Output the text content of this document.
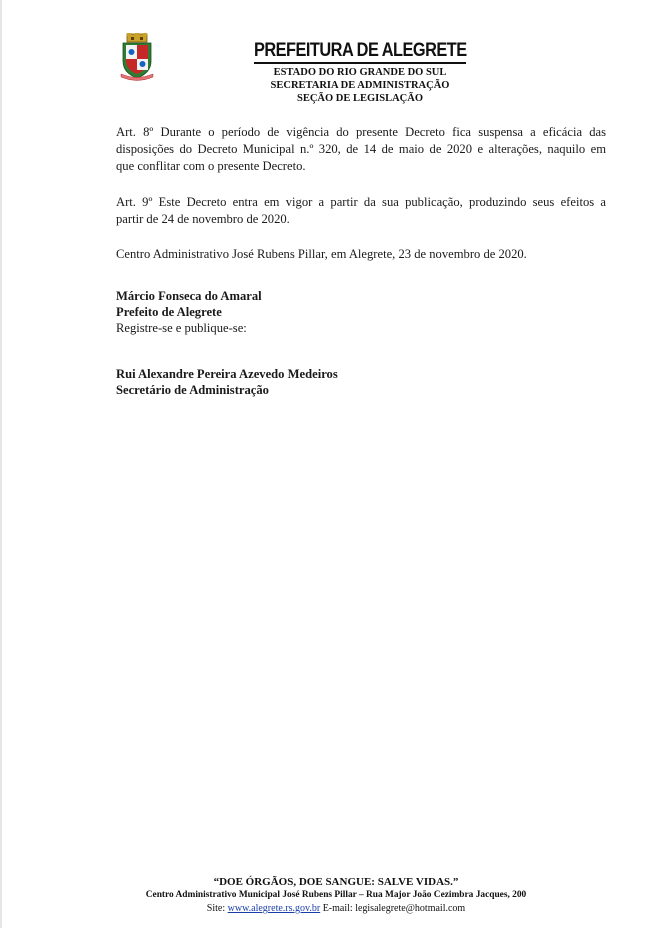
PREFEITURA DE ALEGRETE
ESTADO DO RIO GRANDE DO SUL
SECRETARIA DE ADMINISTRAÇÃO
SEÇÃO DE LEGISLAÇÃO
Art. 8º Durante o período de vigência do presente Decreto fica suspensa a eficácia das
disposições do Decreto Municipal n.º 320, de 14 de maio de 2020 e alterações, naquilo em
que conflitar com o presente Decreto.
Art. 9º Este Decreto entra em vigor a partir da sua publicação, produzindo seus efeitos a
partir de 24 de novembro de 2020.
Centro Administrativo José Rubens Pillar, em Alegrete, 23 de novembro de 2020.
Márcio Fonseca do Amaral
Prefeito de Alegrete
Registre-se e publique-se:
Rui Alexandre Pereira Azevedo Medeiros
Secretário de Administração
“DOE ÓRGÃOS, DOE SANGUE: SALVE VIDAS.”
Centro Administrativo Municipal José Rubens Pillar – Rua Major João Cezimbra Jacques, 200
Site: www.alegrete.rs.gov.br E-mail: legisalegrete@hotmail.com
